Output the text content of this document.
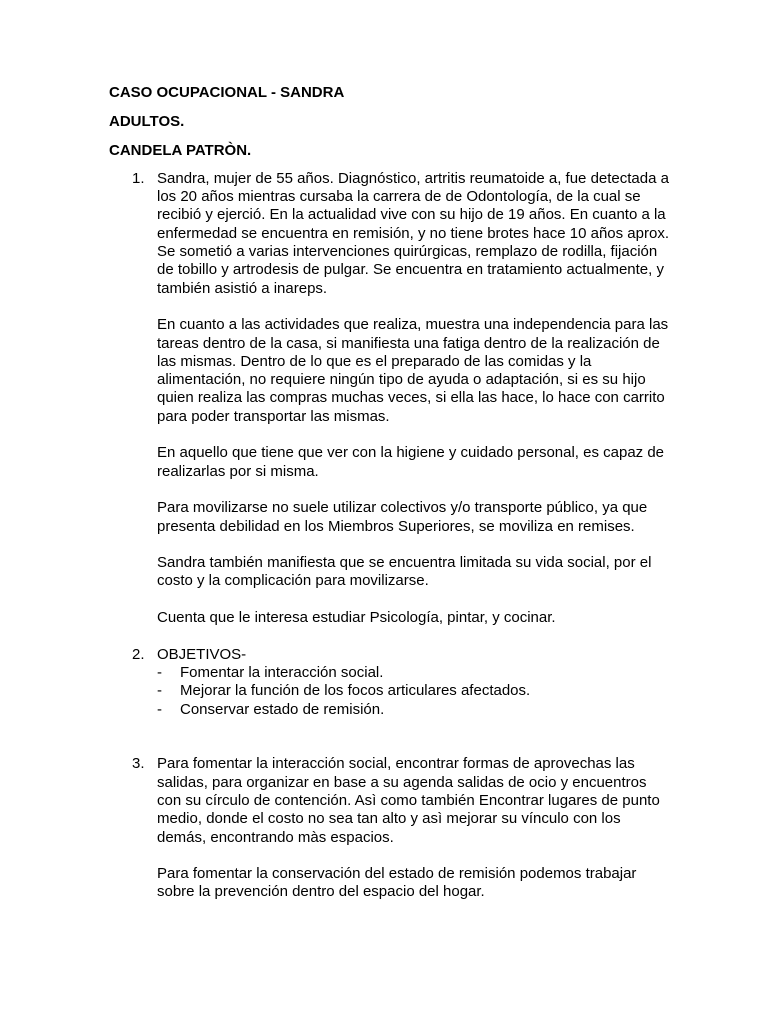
CASO OCUPACIONAL - SANDRA

ADULTOS.

CANDELA PATRÒN.

1. Sandra, mujer de 55 años. Diagnóstico, artritis reumatoide a, fue detectada a los 20 años mientras cursaba la carrera de de Odontología, de la cual se recibió y ejerció. En la actualidad vive con su hijo de 19 años. En cuanto a la enfermedad se encuentra en remisión, y no tiene brotes hace 10 años aprox. Se sometió a varias intervenciones quirúrgicas, remplazo de rodilla, fijación de tobillo y artrodesis de pulgar. Se encuentra en tratamiento actualmente, y también asistió a inareps.

En cuanto a las actividades que realiza, muestra una independencia para las tareas dentro de la casa, si manifiesta una fatiga dentro de la realización de las mismas. Dentro de lo que es el preparado de las comidas y la alimentación, no requiere ningún tipo de ayuda o adaptación, si es su hijo quien realiza las compras muchas veces, si ella las hace, lo hace con carrito para poder transportar las mismas.

En aquello que tiene que ver con la higiene y cuidado personal, es capaz de realizarlas por si misma.

Para movilizarse no suele utilizar colectivos y/o transporte público, ya que presenta debilidad en los Miembros Superiores, se moviliza en remises.

Sandra también manifiesta que se encuentra limitada su vida social, por el costo y la complicación para movilizarse.

Cuenta que le interesa estudiar Psicología, pintar, y cocinar.

2. OBJETIVOS-

- Fomentar la interacción social.
- Mejorar la función de los focos articulares afectados.
- Conservar estado de remisión.
3. Para fomentar la interacción social, encontrar formas de aprovechas las salidas, para organizar en base a su agenda salidas de ocio y encuentros con su círculo de contención. Asì como también Encontrar lugares de punto medio, donde el costo no sea tan alto y asì mejorar su vínculo con los demás, encontrando màs espacios.

Para fomentar la conservación del estado de remisión podemos trabajar sobre la prevención dentro del espacio del hogar.
